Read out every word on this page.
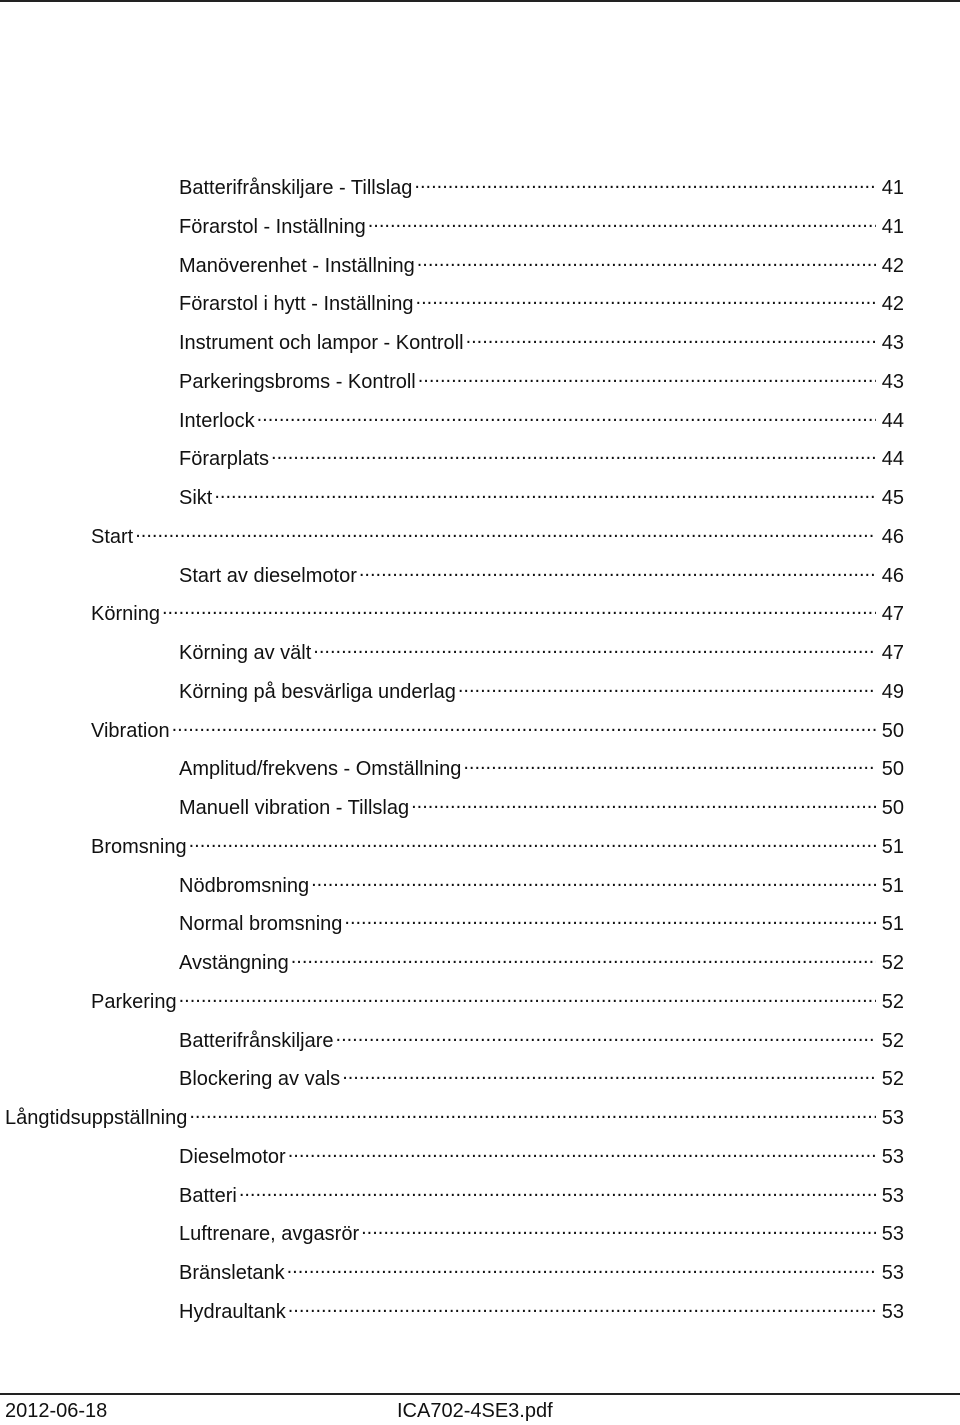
Batterifrånskiljare - Tillslag .....	41
Förarstol - Inställning .....	41
Manöverenhet - Inställning .....	42
Förarstol i hytt - Inställning .....	42
Instrument och lampor - Kontroll .....	43
Parkeringsbroms - Kontroll .....	43
Interlock .....	44
Förarplats .....	44
Sikt .....	45
Start .....	46
Start av dieselmotor .....	46
Körning .....	47
Körning av vält .....	47
Körning på besvärliga underlag .....	49
Vibration .....	50
Amplitud/frekvens - Omställning .....	50
Manuell vibration - Tillslag .....	50
Bromsning .....	51
Nödbromsning .....	51
Normal bromsning .....	51
Avstängning .....	52
Parkering .....	52
Batterifrånskiljare .....	52
Blockering av vals .....	52
Långtidsuppställning .....	53
Dieselmotor .....	53
Batteri .....	53
Luftrenare, avgasrör .....	53
Bränsletank .....	53
Hydraultank .....	53
2012-06-18	ICA702-4SE3.pdf
